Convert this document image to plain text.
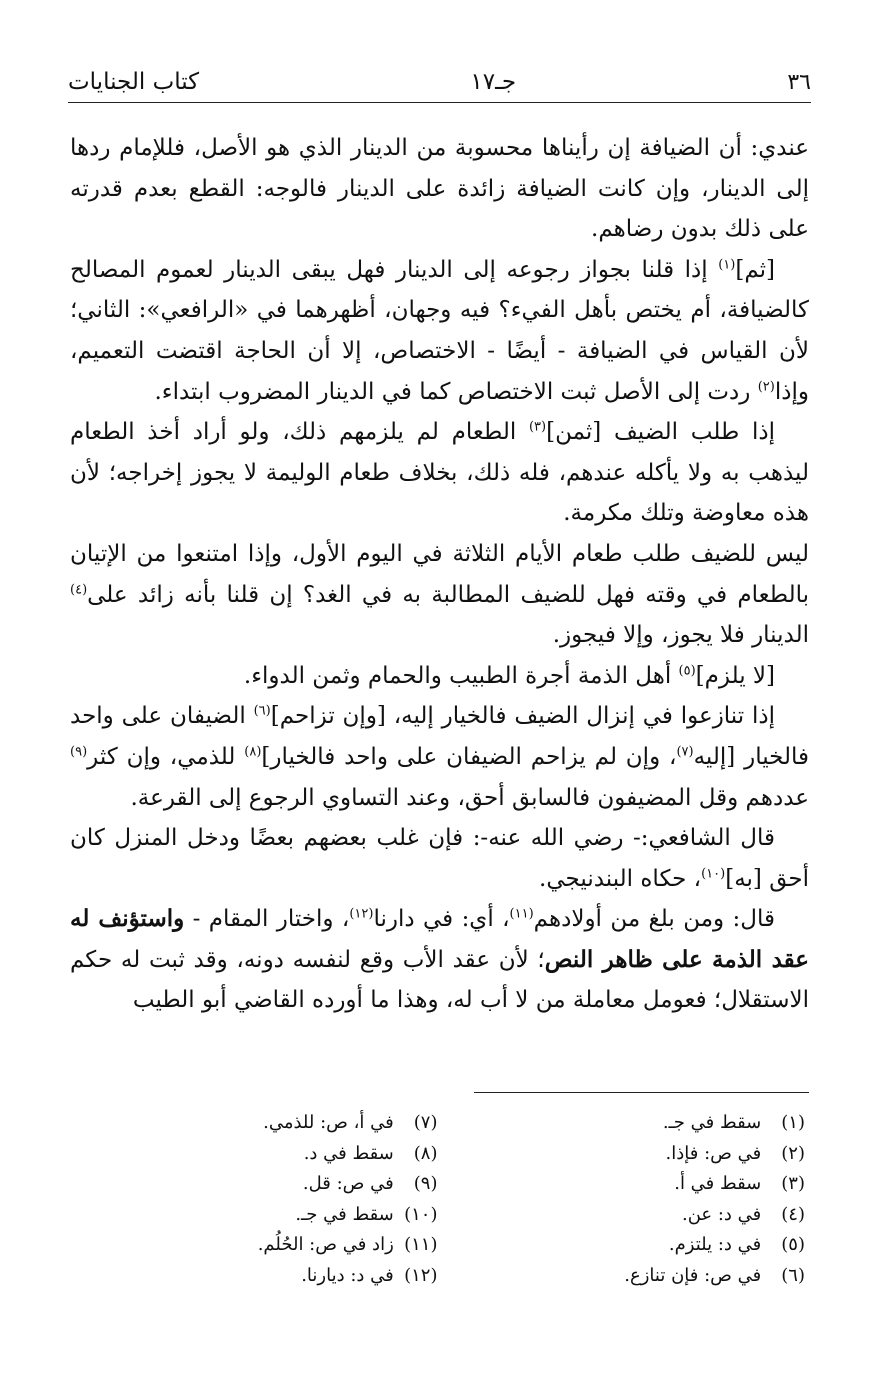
٣٦
جـ١٧
كتاب الجنايات

عندي: أن الضيافة إن رأيناها محسوبة من الدينار الذي هو الأصل، فللإمام ردها إلى الدينار، وإن كانت الضيافة زائدة على الدينار فالوجه: القطع بعدم قدرته على ذلك بدون رضاهم.

[ثم]$^{(١)}$ إذا قلنا بجواز رجوعه إلى الدينار فهل يبقى الدينار لعموم المصالح كالضيافة، أم يختص بأهل الفيء؟ فيه وجهان، أظهرهما في «الرافعي»: الثاني؛ لأن القياس في الضيافة - أيضًا - الاختصاص، إلا أن الحاجة اقتضت التعميم، وإذا$^{(٢)}$ ردت إلى الأصل ثبت الاختصاص كما في الدينار المضروب ابتداء.

إذا طلب الضيف [ثمن]$^{(٣)}$ الطعام لم يلزمهم ذلك، ولو أراد أخذ الطعام ليذهب به ولا يأكله عندهم، فله ذلك، بخلاف طعام الوليمة لا يجوز إخراجه؛ لأن هذه معاوضة وتلك مكرمة.

ليس للضيف طلب طعام الأيام الثلاثة في اليوم الأول، وإذا امتنعوا من الإتيان بالطعام في وقته فهل للضيف المطالبة به في الغد؟ إن قلنا بأنه زائد على$^{(٤)}$ الدينار فلا يجوز، وإلا فيجوز.

[لا يلزم]$^{(٥)}$ أهل الذمة أجرة الطبيب والحمام وثمن الدواء.

إذا تنازعوا في إنزال الضيف فالخيار إليه، [وإن تزاحم]$^{(٦)}$ الضيفان على واحد فالخيار [إليه$^{(٧)}$، وإن لم يزاحم الضيفان على واحد فالخيار]$^{(٨)}$ للذمي، وإن كثر$^{(٩)}$ عددهم وقل المضيفون فالسابق أحق، وعند التساوي الرجوع إلى القرعة.

قال الشافعي:- رضي الله عنه-: فإن غلب بعضهم بعضًا ودخل المنزل كان أحق [به]$^{(١٠)}$، حكاه البندنيجي.

قال: ومن بلغ من أولادهم$^{(١١)}$، أي: في دارنا$^{(١٢)}$، واختار المقام - واستؤنف له عقد الذمة على ظاهر النص؛ لأن عقد الأب وقع لنفسه دونه، وقد ثبت له حكم الاستقلال؛ فعومل معاملة من لا أب له، وهذا ما أورده القاضي أبو الطيب

(١) سقط في جـ.
(٢) في ص: فإذا.
(٣) سقط في أ.
(٤) في د: عن.
(٥) في د: يلتزم.
(٦) في ص: فإن تنازع.
(٧) في أ، ص: للذمي.
(٨) سقط في د.
(٩) في ص: قل.
(١٠) سقط في جـ.
(١١) زاد في ص: الحُلُم.
(١٢) في د: ديارنا.
